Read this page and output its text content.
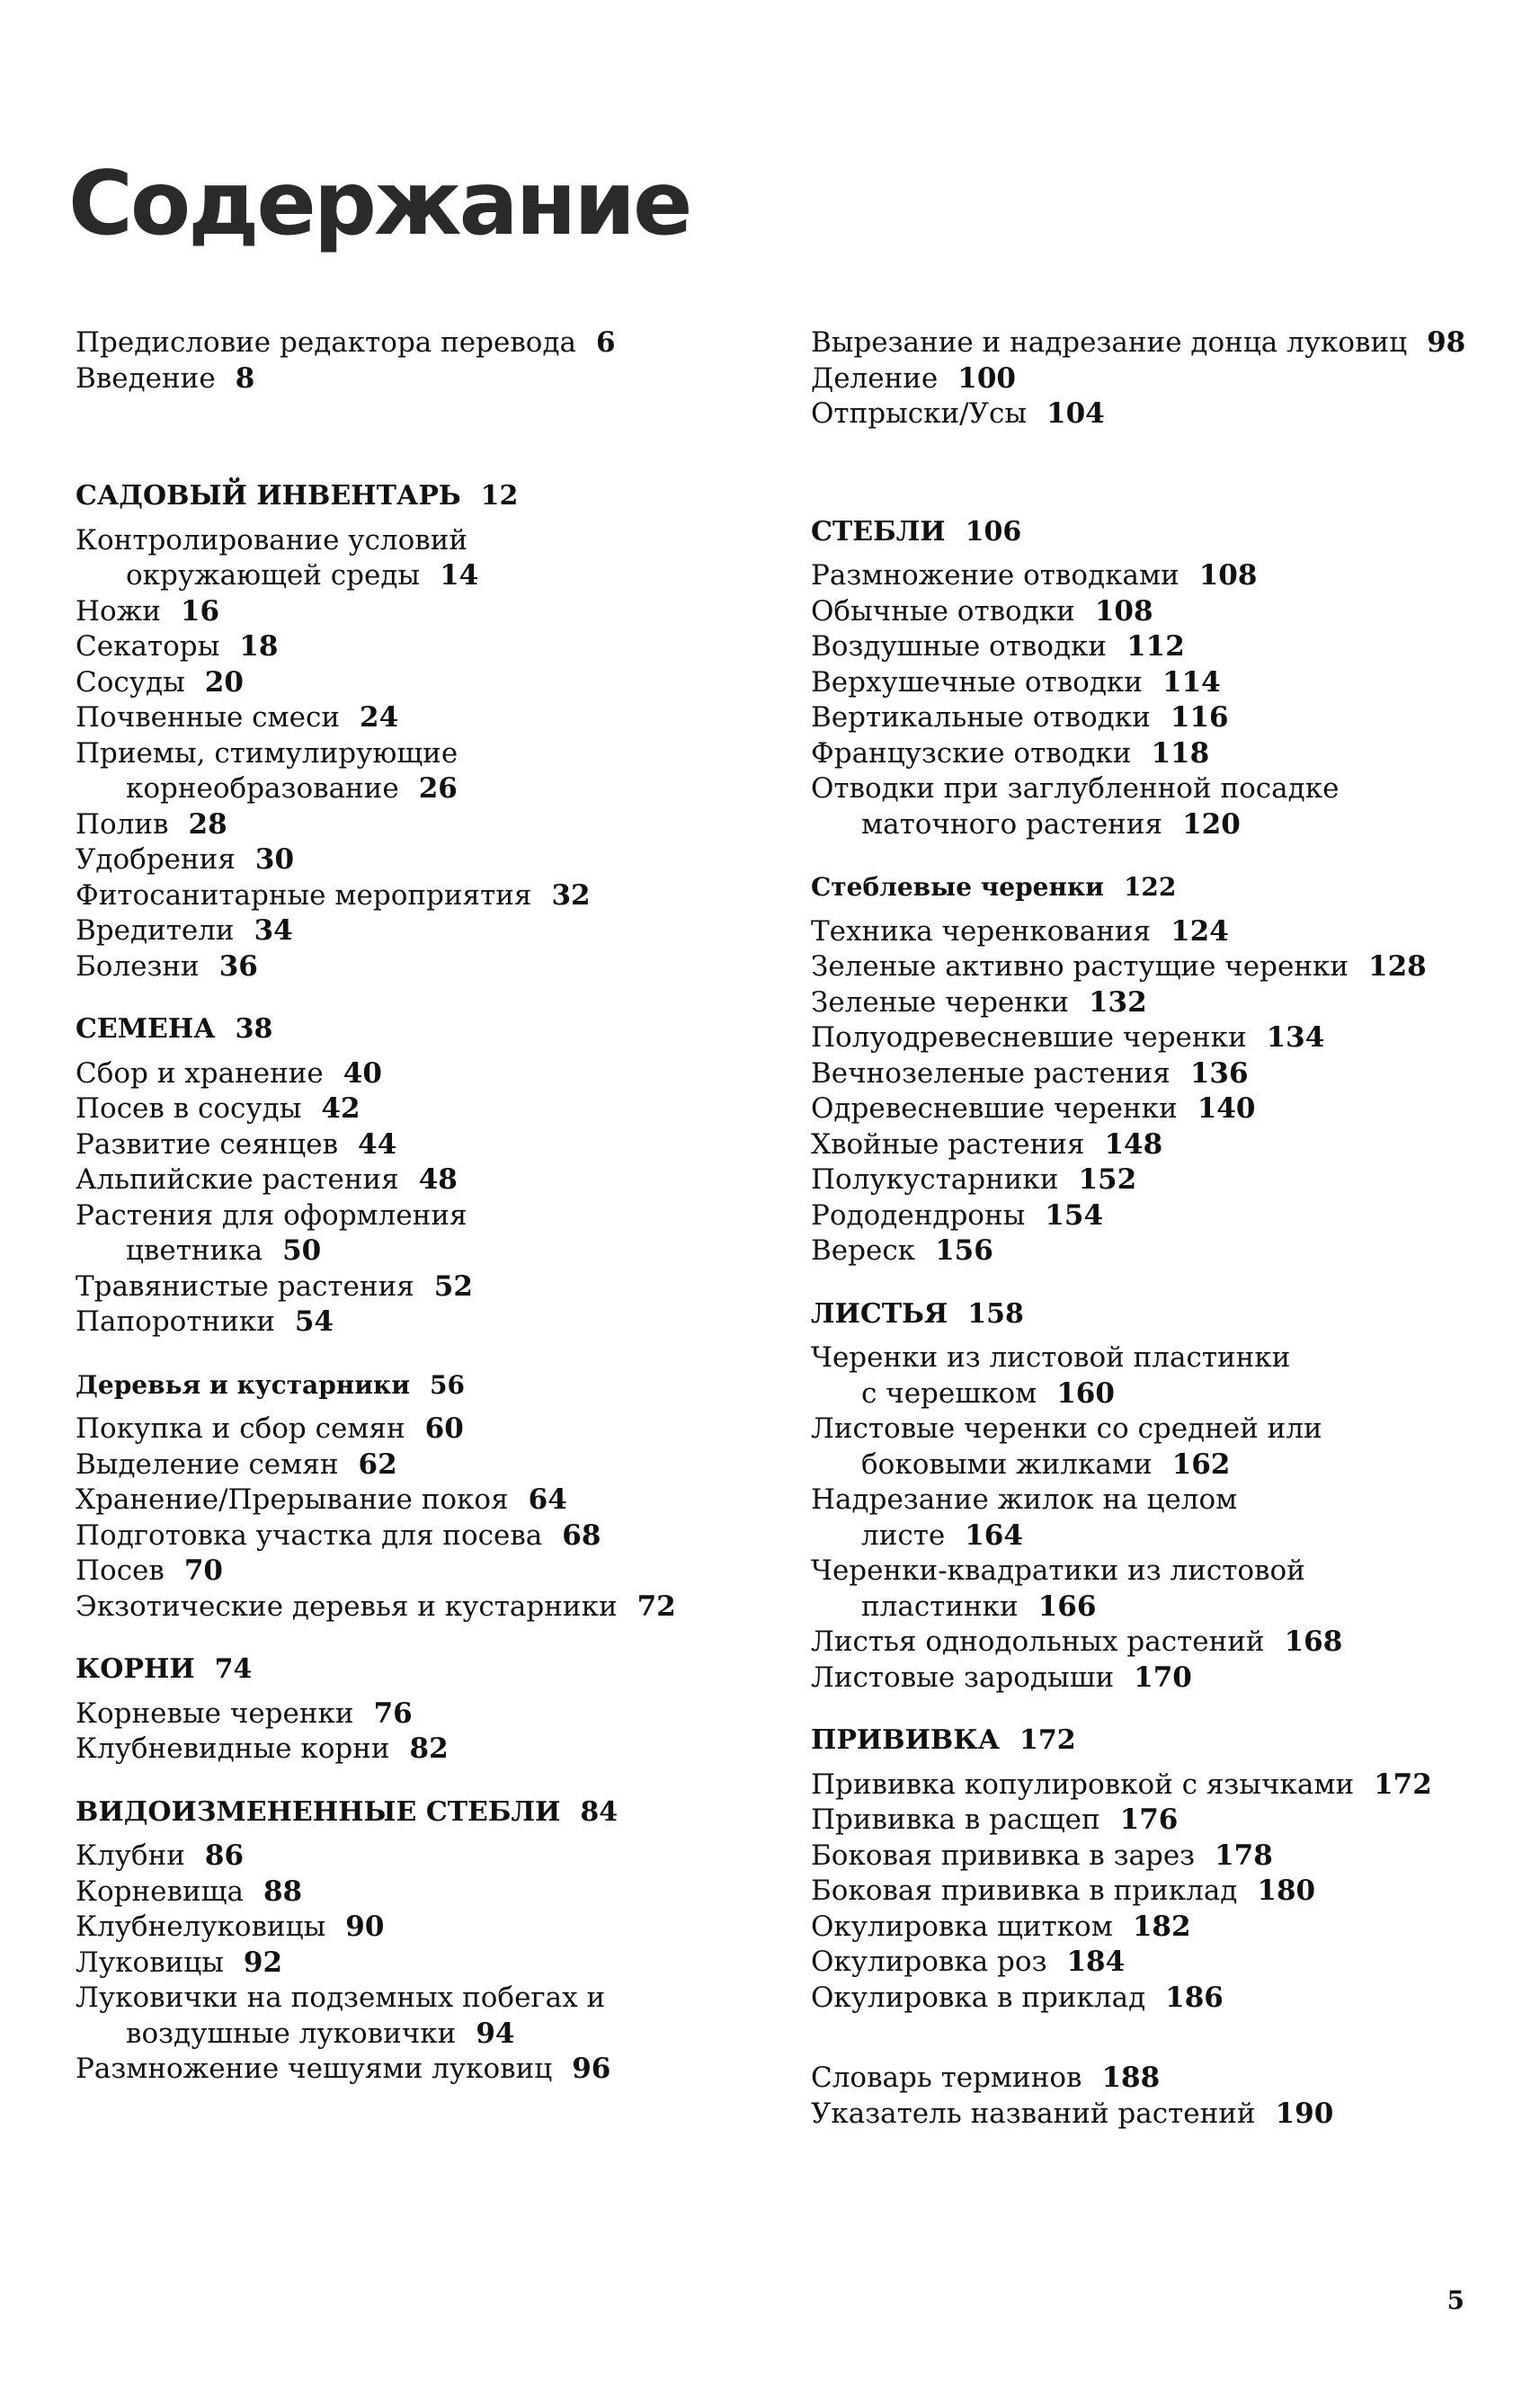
Содержание
Предисловие редактора перевода 6
Введение 8
САДОВЫЙ ИНВЕНТАРЬ 12
Контролирование условий
окружающей среды 14
Ножи 16
Секаторы 18
Сосуды 20
Почвенные смеси 24
Приемы, стимулирующие
корнеобразование 26
Полив 28
Удобрения 30
Фитосанитарные мероприятия 32
Вредители 34
Болезни 36
СЕМЕНА 38
Сбор и хранение 40
Посев в сосуды 42
Развитие сеянцев 44
Альпийские растения 48
Растения для оформления
цветника 50
Травянистые растения 52
Папоротники 54
Деревья и кустарники 56
Покупка и сбор семян 60
Выделение семян 62
Хранение/Прерывание покоя 64
Подготовка участка для посева 68
Посев 70
Экзотические деревья и кустарники 72
КОРНИ 74
Корневые черенки 76
Клубневидные корни 82
ВИДОИЗМЕНЕННЫЕ СТЕБЛИ 84
Клубни 86
Корневища 88
Клубнелуковицы 90
Луковицы 92
Луковички на подземных побегах и
воздушные луковички 94
Размножение чешуями луковиц 96
Вырезание и надрезание донца луковиц 98
Деление 100
Отпрыски/Усы 104
СТЕБЛИ 106
Размножение отводками 108
Обычные отводки 108
Воздушные отводки 112
Верхушечные отводки 114
Вертикальные отводки 116
Французские отводки 118
Отводки при заглубленной посадке
маточного растения 120
Стеблевые черенки 122
Техника черенкования 124
Зеленые активно растущие черенки 128
Зеленые черенки 132
Полуодревесневшие черенки 134
Вечнозеленые растения 136
Одревесневшие черенки 140
Хвойные растения 148
Полукустарники 152
Рододендроны 154
Вереск 156
ЛИСТЬЯ 158
Черенки из листовой пластинки
с черешком 160
Листовые черенки со средней или
боковыми жилками 162
Надрезание жилок на целом
листе 164
Черенки-квадратики из листовой
пластинки 166
Листья однодольных растений 168
Листовые зародыши 170
ПРИВИВКА 172
Прививка копулировкой с язычками 172
Прививка в расщеп 176
Боковая прививка в зарез 178
Боковая прививка в приклад 180
Окулировка щитком 182
Окулировка роз 184
Окулировка в приклад 186
Словарь терминов 188
Указатель названий растений 190
5
